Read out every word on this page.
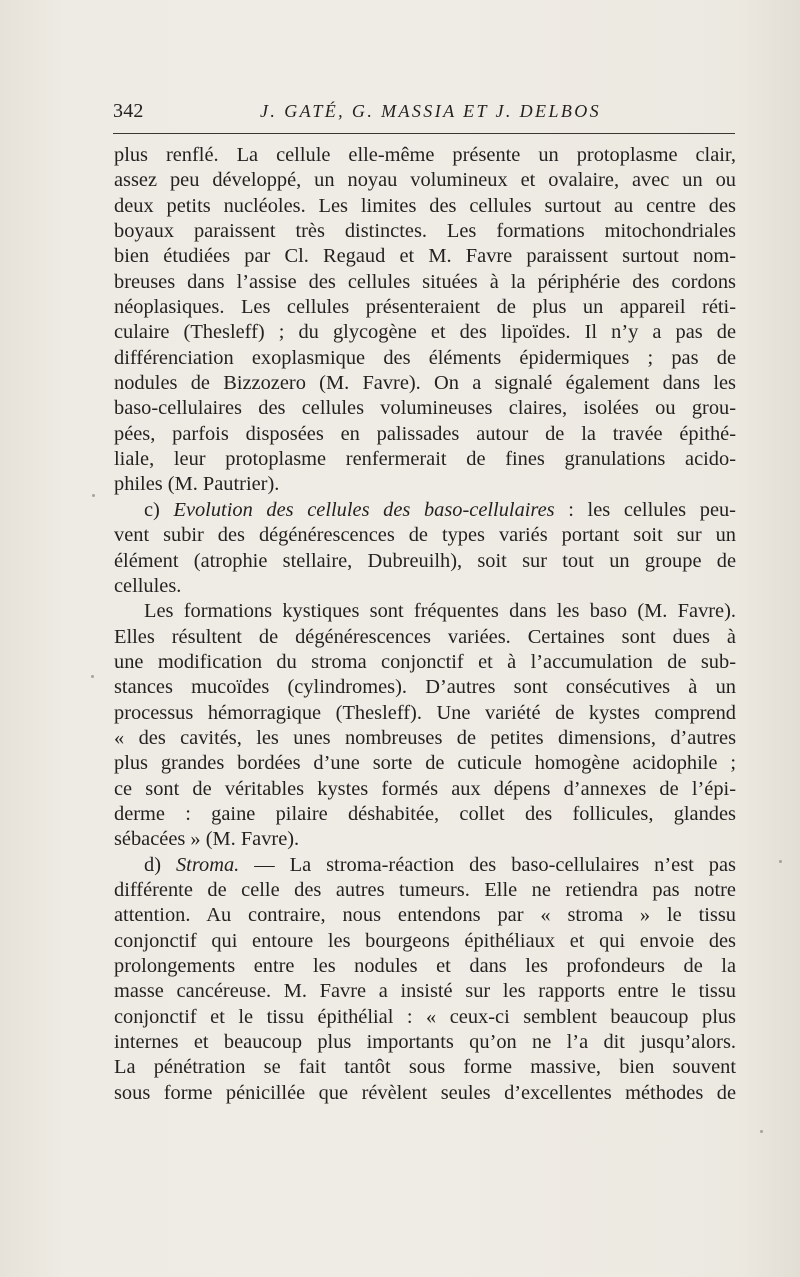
342	J. GATÉ, G. MASSIA ET J. DELBOS
plus renflé. La cellule elle-même présente un protoplasme clair,
assez peu développé, un noyau volumineux et ovalaire, avec un ou
deux petits nucléoles. Les limites des cellules surtout au centre des
boyaux paraissent très distinctes. Les formations mitochondriales
bien étudiées par Cl. Regaud et M. Favre paraissent surtout nom-
breuses dans l’assise des cellules situées à la périphérie des cordons
néoplasiques. Les cellules présenteraient de plus un appareil réti-
culaire (Thesleff) ; du glycogène et des lipoïdes. Il n’y a pas de
différenciation exoplasmique des éléments épidermiques ; pas de
nodules de Bizzozero (M. Favre). On a signalé également dans les
baso-cellulaires des cellules volumineuses claires, isolées ou grou-
pées, parfois disposées en palissades autour de la travée épithé-
liale, leur protoplasme renfermerait de fines granulations acido-
philes (M. Pautrier).
c) Evolution des cellules des baso-cellulaires : les cellules peu-
vent subir des dégénérescences de types variés portant soit sur un
élément (atrophie stellaire, Dubreuilh), soit sur tout un groupe de
cellules.
Les formations kystiques sont fréquentes dans les baso (M. Favre).
Elles résultent de dégénérescences variées. Certaines sont dues à
une modification du stroma conjonctif et à l’accumulation de sub-
stances mucoïdes (cylindromes). D’autres sont consécutives à un
processus hémorragique (Thesleff). Une variété de kystes comprend
« des cavités, les unes nombreuses de petites dimensions, d’autres
plus grandes bordées d’une sorte de cuticule homogène acidophile ;
ce sont de véritables kystes formés aux dépens d’annexes de l’épi-
derme : gaine pilaire déshabitée, collet des follicules, glandes
sébacées » (M. Favre).
d) Stroma. — La stroma-réaction des baso-cellulaires n’est pas
différente de celle des autres tumeurs. Elle ne retiendra pas notre
attention. Au contraire, nous entendons par « stroma » le tissu
conjonctif qui entoure les bourgeons épithéliaux et qui envoie des
prolongements entre les nodules et dans les profondeurs de la
masse cancéreuse. M. Favre a insisté sur les rapports entre le tissu
conjonctif et le tissu épithélial : « ceux-ci semblent beaucoup plus
internes et beaucoup plus importants qu’on ne l’a dit jusqu’alors.
La pénétration se fait tantôt sous forme massive, bien souvent
sous forme pénicillée que révèlent seules d’excellentes méthodes de
